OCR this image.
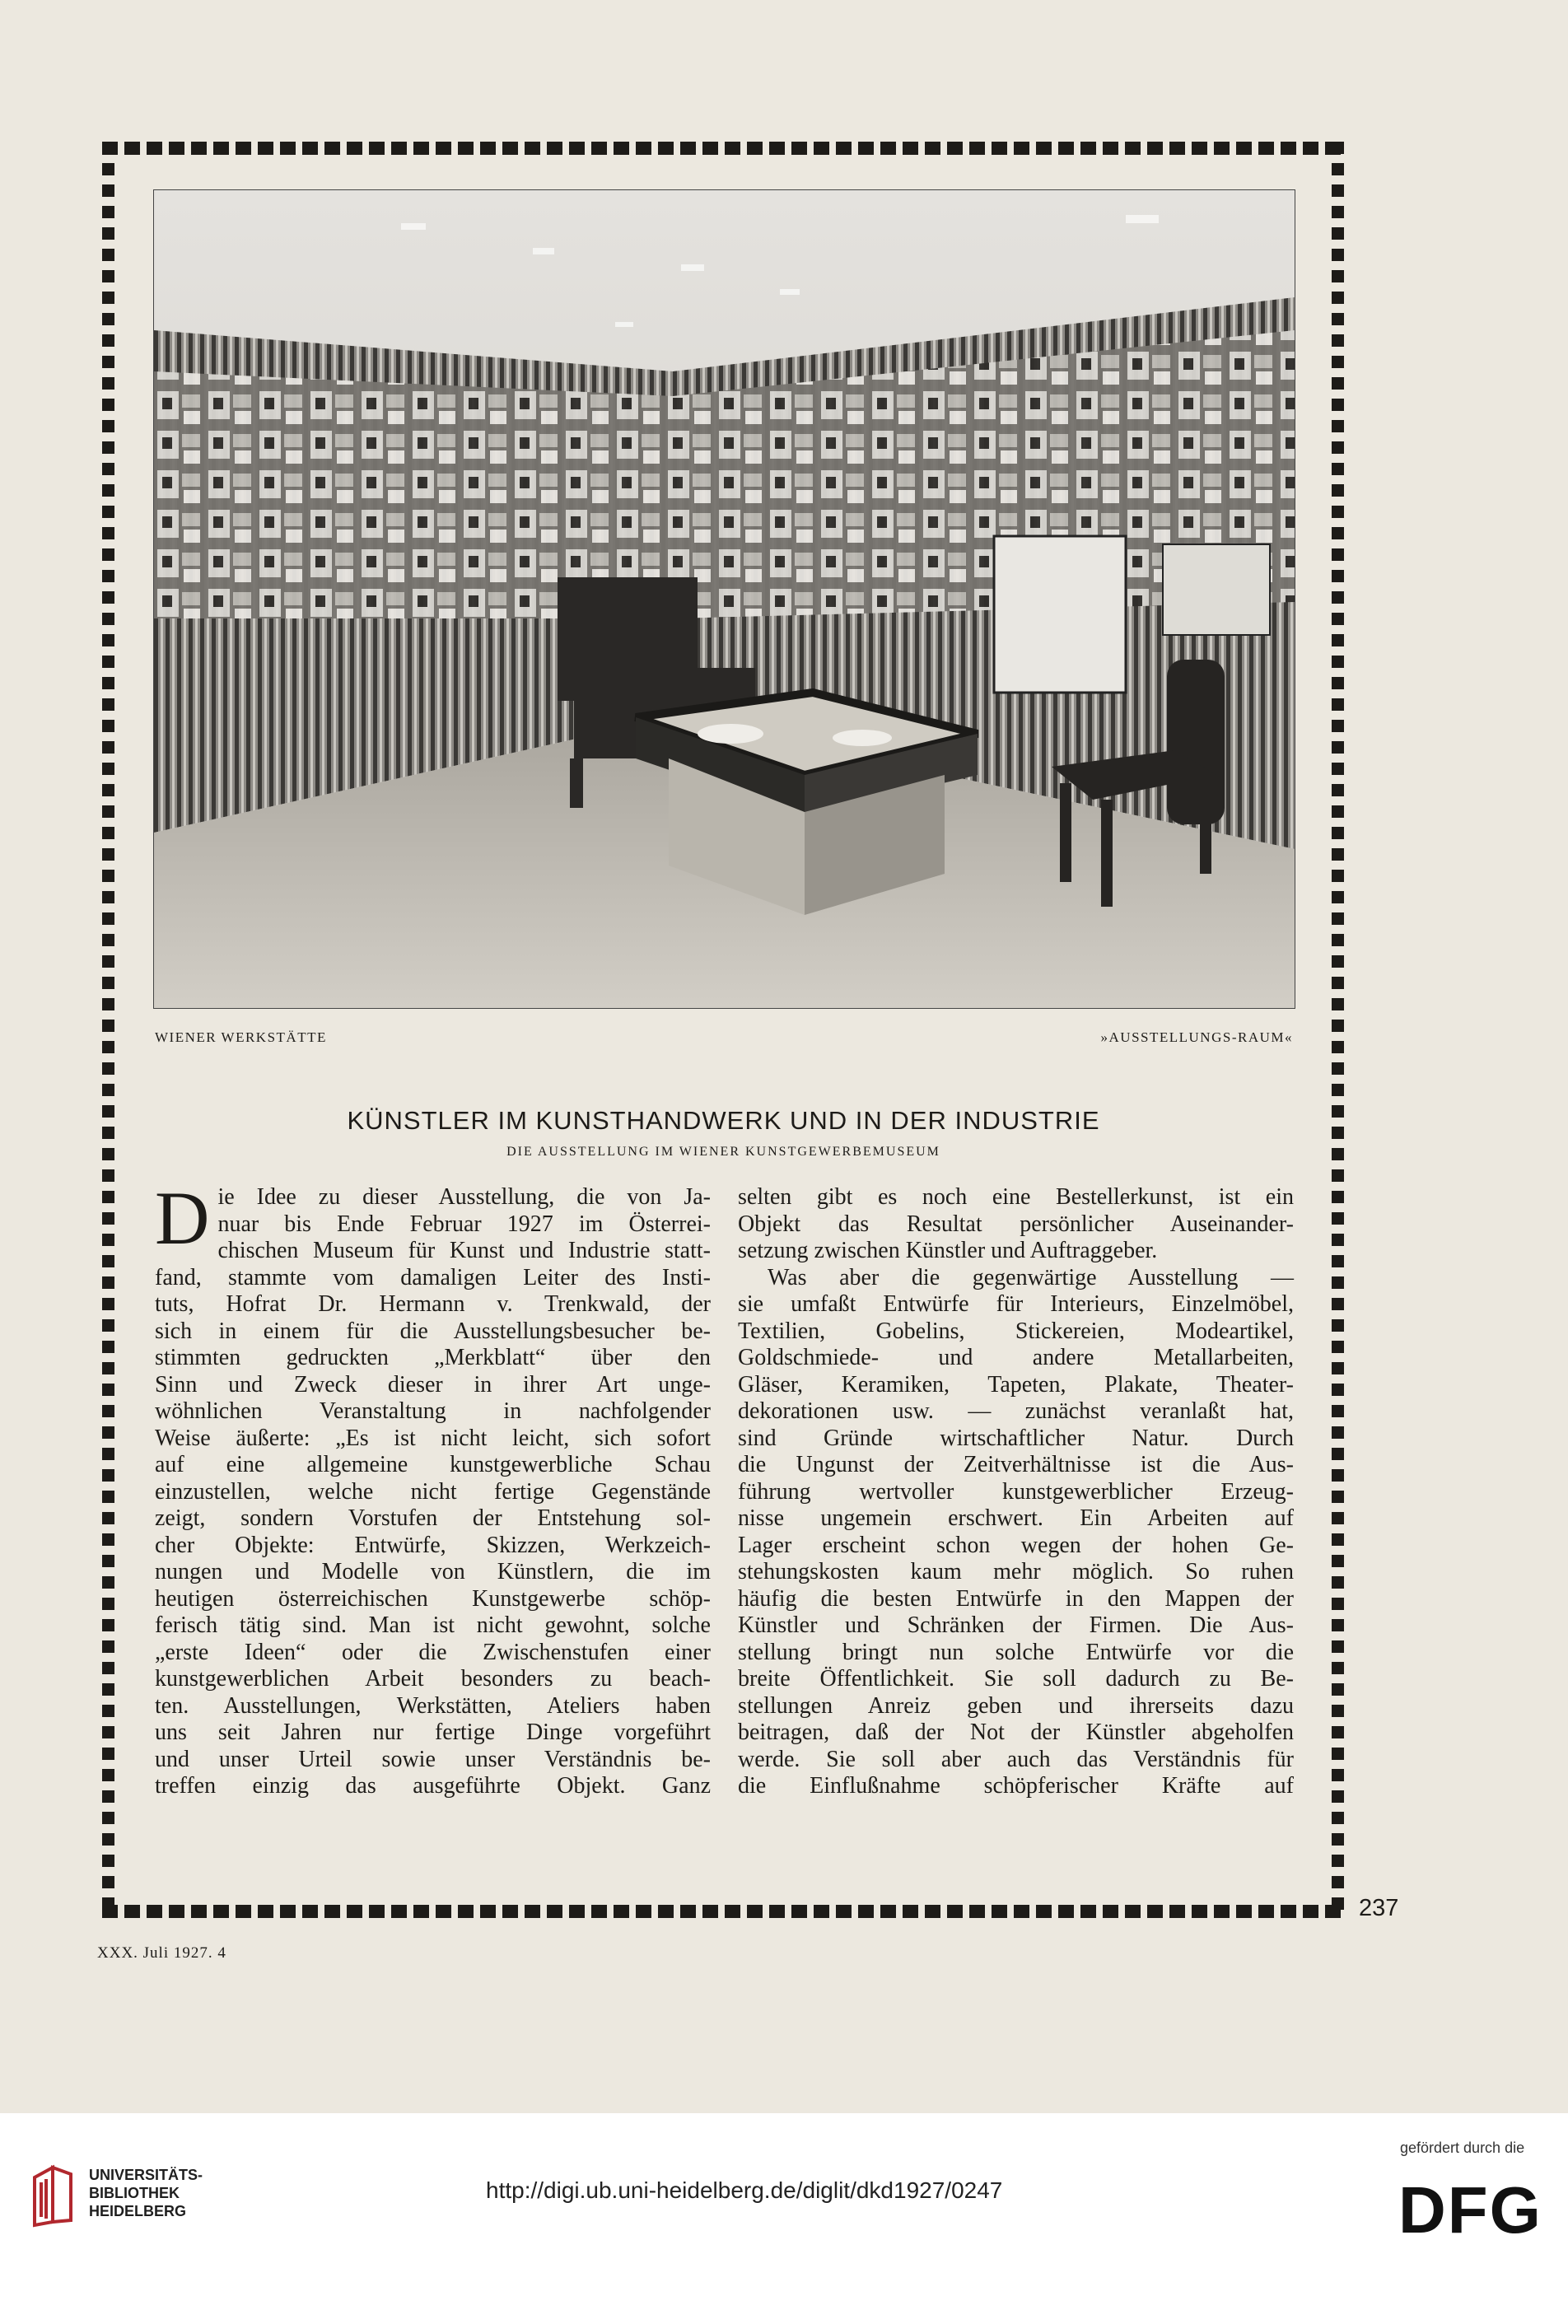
WIENER WERKSTÄTTE	»AUSSTELLUNGS-RAUM«
KÜNSTLER IM KUNSTHANDWERK UND IN DER INDUSTRIE
DIE AUSSTELLUNG IM WIENER KUNSTGEWERBEMUSEUM
D ie Idee zu dieser Ausstellung, die von Ja-

nuar bis Ende Februar 1927 im Österrei-

chischen Museum für Kunst und Industrie statt-

fand, stammte vom damaligen Leiter des Insti-

tuts, Hofrat Dr. Hermann v. Trenkwald, der

sich in einem für die Ausstellungsbesucher be-

stimmten gedruckten „Merkblatt“ über den

Sinn und Zweck dieser in ihrer Art unge-

wöhnlichen Veranstaltung in nachfolgender

Weise äußerte: „Es ist nicht leicht, sich sofort

auf eine allgemeine kunstgewerbliche Schau

einzustellen, welche nicht fertige Gegenstände

zeigt, sondern Vorstufen der Entstehung sol-

cher Objekte: Entwürfe, Skizzen, Werkzeich-

nungen und Modelle von Künstlern, die im

heutigen österreichischen Kunstgewerbe schöp-

ferisch tätig sind. Man ist nicht gewohnt, solche

„erste Ideen“ oder die Zwischenstufen einer

kunstgewerblichen Arbeit besonders zu beach-

ten. Ausstellungen, Werkstätten, Ateliers haben

uns seit Jahren nur fertige Dinge vorgeführt

und unser Urteil sowie unser Verständnis be-

treffen einzig das ausgeführte Objekt. Ganz

selten gibt es noch eine Bestellerkunst, ist ein

Objekt das Resultat persönlicher Auseinander-

setzung zwischen Künstler und Auftraggeber.

Was aber die gegenwärtige Ausstellung —

sie umfaßt Entwürfe für Interieurs, Einzelmöbel,

Textilien, Gobelins, Stickereien, Modeartikel,

Goldschmiede- und andere Metallarbeiten,

Gläser, Keramiken, Tapeten, Plakate, Theater-

dekorationen usw. — zunächst veranlaßt hat,

sind Gründe wirtschaftlicher Natur. Durch

die Ungunst der Zeitverhältnisse ist die Aus-

führung wertvoller kunstgewerblicher Erzeug-

nisse ungemein erschwert. Ein Arbeiten auf

Lager erscheint schon wegen der hohen Ge-

stehungskosten kaum mehr möglich. So ruhen

häufig die besten Entwürfe in den Mappen der

Künstler und Schränken der Firmen. Die Aus-

stellung bringt nun solche Entwürfe vor die

breite Öffentlichkeit. Sie soll dadurch zu Be-

stellungen Anreiz geben und ihrerseits dazu

beitragen, daß der Not der Künstler abgeholfen

werde. Sie soll aber auch das Verständnis für

die Einflußnahme schöpferischer Kräfte auf

237
XXX. Juli 1927. 4
UNIVERSITÄTS-
BIBLIOTHEK
HEIDELBERG
http://digi.ub.uni-heidelberg.de/diglit/dkd1927/0247
gefördert durch die
DFG
